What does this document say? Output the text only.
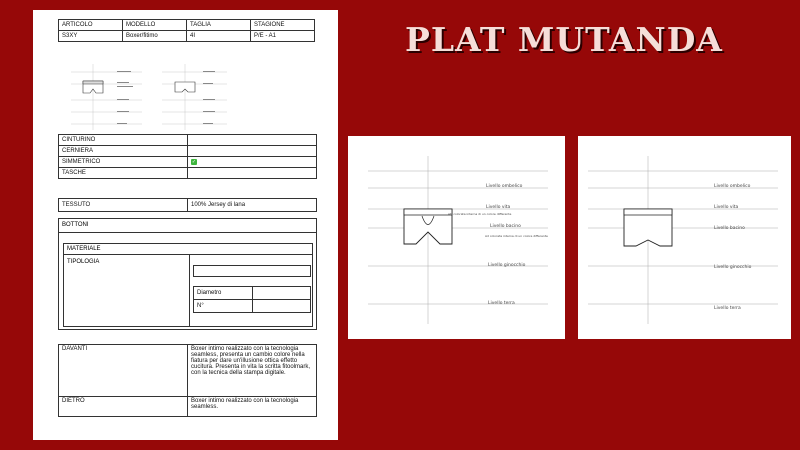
ARTICOLO	MODELLO	TAGLIA	STAGIONE
S3XY	Boxer/fitimo	4I	P/E - A1
CINTURINO	
CERNIERA	
SIMMETRICO	✓
TASCHE	
TESSUTO	100% Jersey di lana
BOTTONI
MATERIALE
TIPOLOGIA
Diametro	
N°	
DAVANTI	Boxer intimo realizzato con la tecnologia seamless, presenta un cambio colore nella fiatura per dare un'illusione ottica effetto cucitura. Presenta in vita la scritta fitoolmark, con la tecnica della stampa digitale.
DIETRO	Boxer intimo realizzato con la tecnologia seamless.
PLAT MUTANDA
Livello ombelico
Livello vita
AD colorata interna di un colore differente
Livello bacino
Ad colorata interna di un colore differente
Livello ginocchio
Livello terra
Livello ombelico
Livello vita
Livello bacino
Livello ginocchio
Livello terra
